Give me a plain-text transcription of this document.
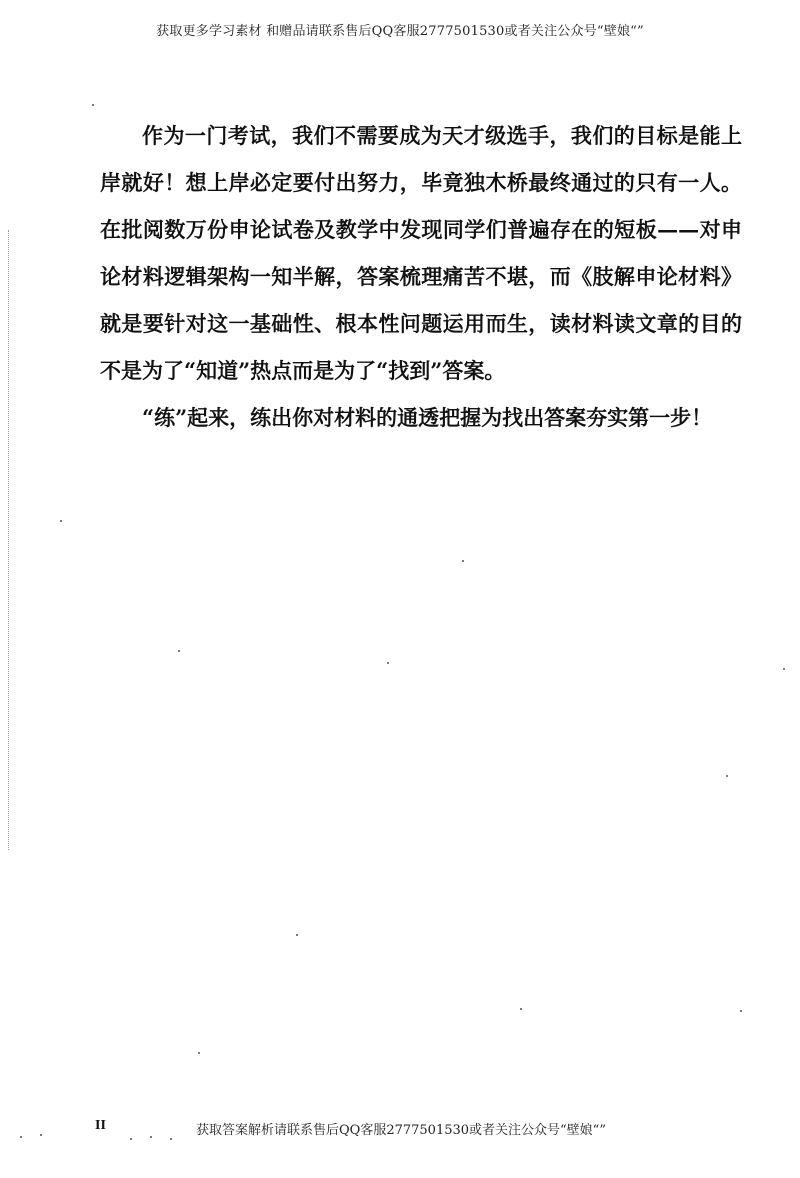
获取更多学习素材 和赠品请联系售后QQ客服2777501530或者关注公众号“壁娘“”

作为一门考试，我们不需要成为天才级选手，我们的目标是能上岸就好！想上岸必定要付出努力，毕竟独木桥最终通过的只有一人。在批阅数万份申论试卷及教学中发现同学们普遍存在的短板——对申论材料逻辑架构一知半解，答案梳理痛苦不堪，而《肢解申论材料》就是要针对这一基础性、根本性问题运用而生，读材料读文章的目的不是为了“知道”热点而是为了“找到”答案。

“练”起来，练出你对材料的通透把握为找出答案夯实第一步！

II	获取答案解析请联系售后QQ客服2777501530或者关注公众号“壁娘“”
